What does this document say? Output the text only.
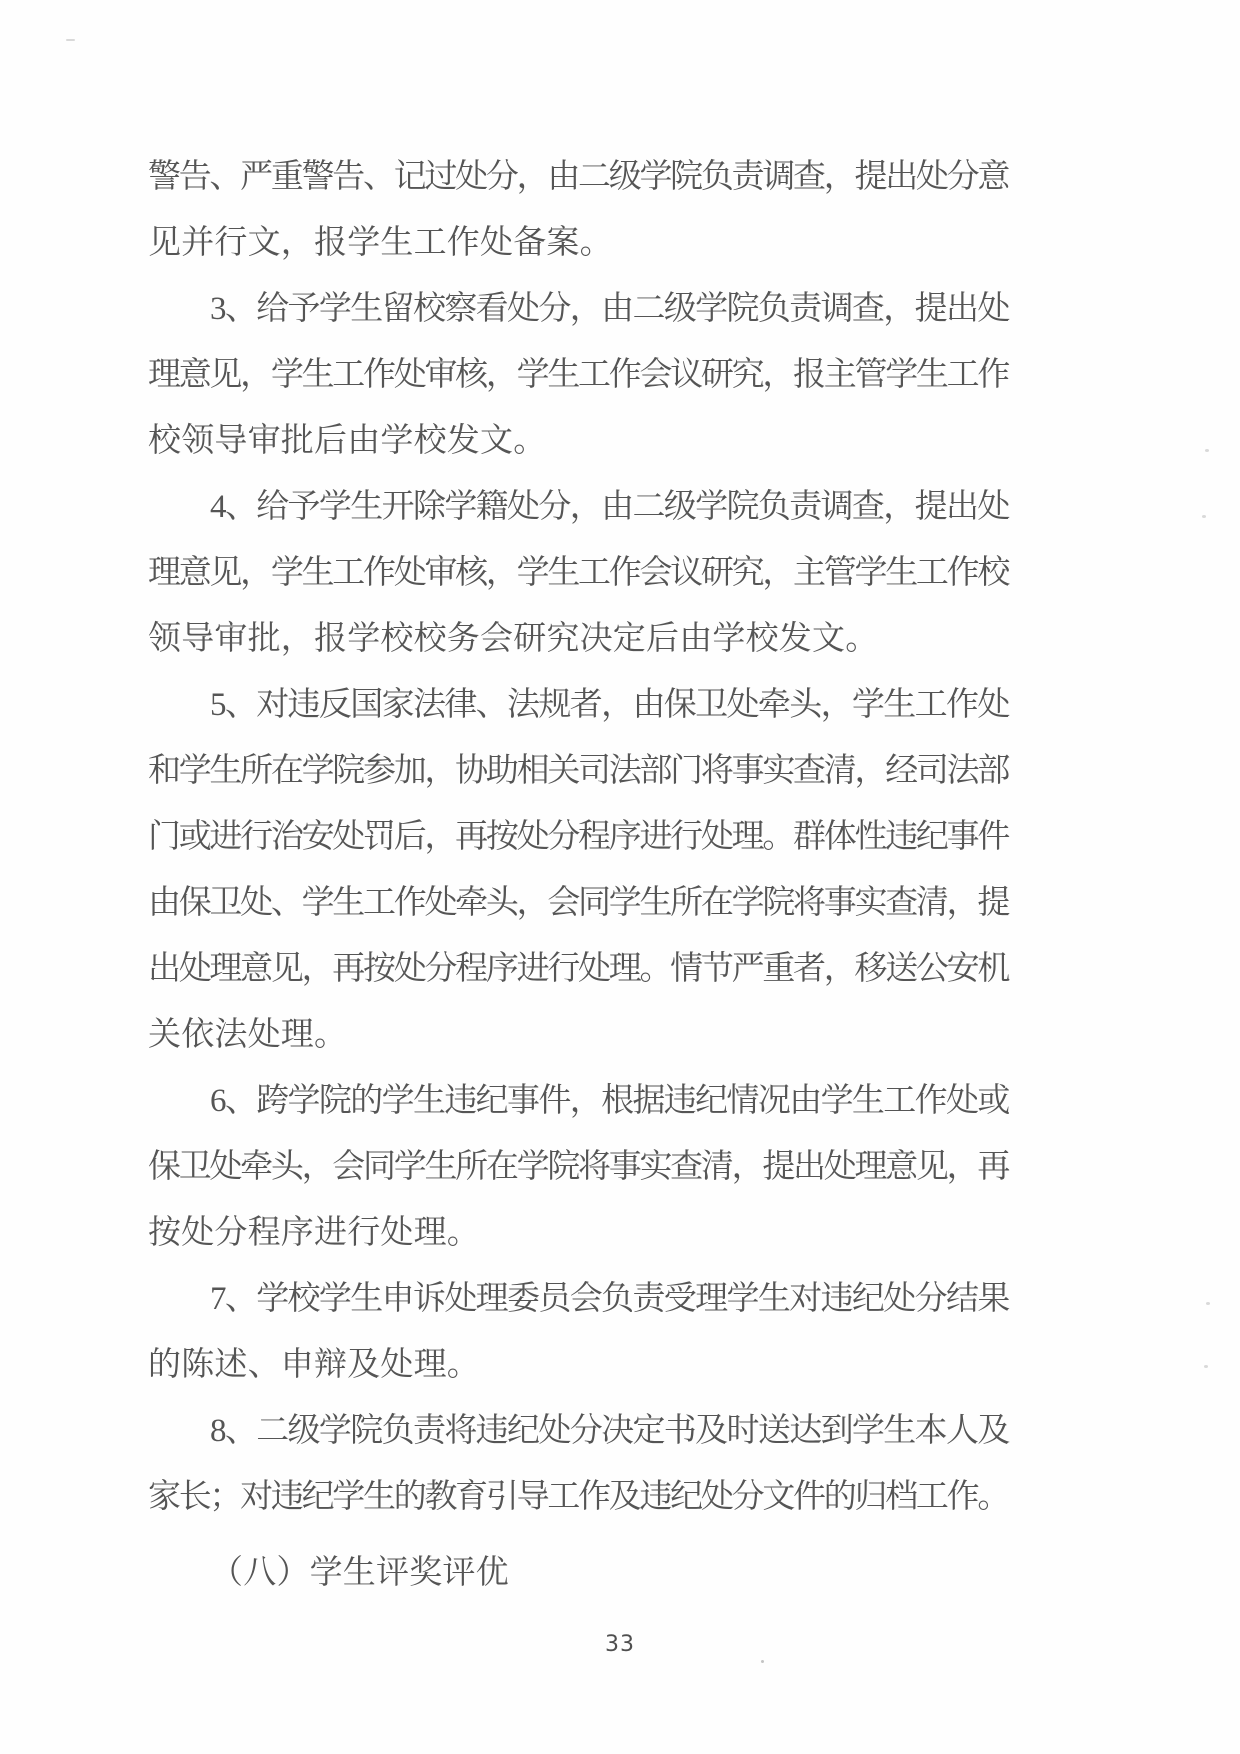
警告、严重警告、记过处分，由二级学院负责调查，提出处分意
见并行文，报学生工作处备案。
3、给予学生留校察看处分，由二级学院负责调查，提出处
理意见，学生工作处审核，学生工作会议研究，报主管学生工作
校领导审批后由学校发文。
4、给予学生开除学籍处分，由二级学院负责调查，提出处
理意见，学生工作处审核，学生工作会议研究，主管学生工作校
领导审批，报学校校务会研究决定后由学校发文。
5、对违反国家法律、法规者，由保卫处牵头，学生工作处
和学生所在学院参加，协助相关司法部门将事实查清，经司法部
门或进行治安处罚后，再按处分程序进行处理。群体性违纪事件
由保卫处、学生工作处牵头，会同学生所在学院将事实查清，提
出处理意见，再按处分程序进行处理。情节严重者，移送公安机
关依法处理。
6、跨学院的学生违纪事件，根据违纪情况由学生工作处或
保卫处牵头，会同学生所在学院将事实查清，提出处理意见，再
按处分程序进行处理。
7、学校学生申诉处理委员会负责受理学生对违纪处分结果
的陈述、申辩及处理。
8、二级学院负责将违纪处分决定书及时送达到学生本人及
家长；对违纪学生的教育引导工作及违纪处分文件的归档工作。
（八）学生评奖评优
33
